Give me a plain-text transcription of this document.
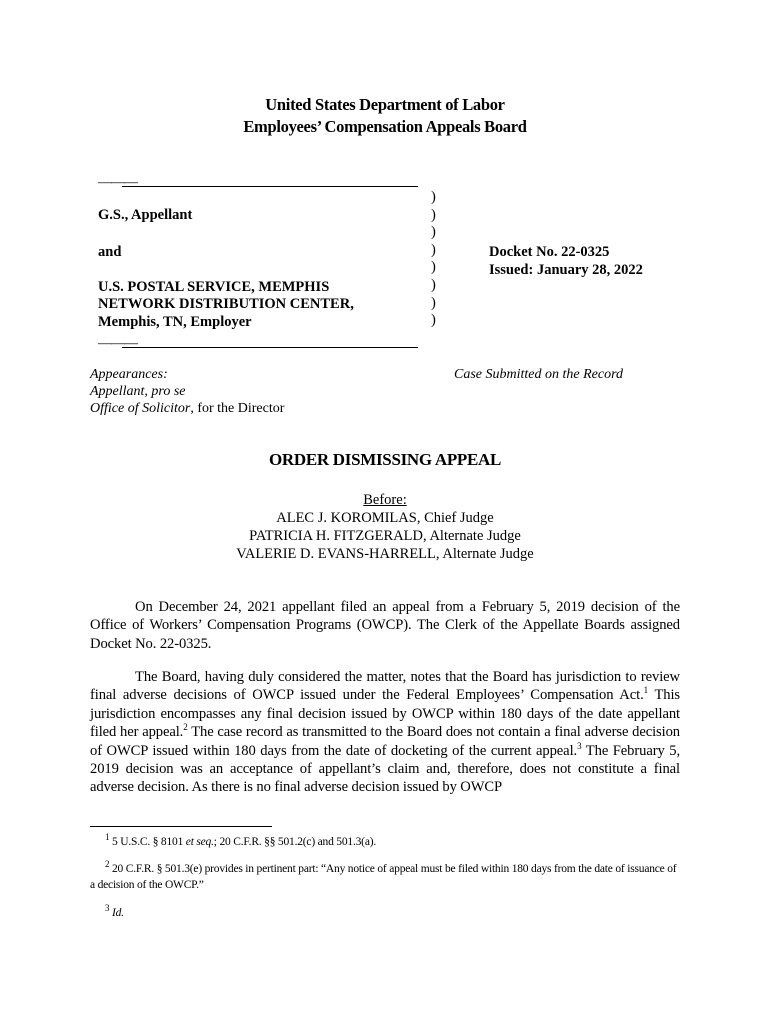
United States Department of Labor
Employees’ Compensation Appeals Board
———
G.S., Appellant
and
U.S. POSTAL SERVICE, MEMPHIS
NETWORK DISTRIBUTION CENTER,
Memphis, TN, Employer
———
)
)
)
)
)
)
)
)
Docket No. 22-0325
Issued: January 28, 2022
Appearances:
Appellant, pro se
Office of Solicitor, for the Director
Case Submitted on the Record
ORDER DISMISSING APPEAL
Before:
ALEC J. KOROMILAS, Chief Judge
PATRICIA H. FITZGERALD, Alternate Judge
VALERIE D. EVANS-HARRELL, Alternate Judge

On December 24, 2021 appellant filed an appeal from a February 5, 2019 decision of the Office of Workers’ Compensation Programs (OWCP). The Clerk of the Appellate Boards assigned Docket No. 22-0325.

The Board, having duly considered the matter, notes that the Board has jurisdiction to review final adverse decisions of OWCP issued under the Federal Employees’ Compensation Act.$^1$ This jurisdiction encompasses any final decision issued by OWCP within 180 days of the date appellant filed her appeal.$^2$ The case record as transmitted to the Board does not contain a final adverse decision of OWCP issued within 180 days from the date of docketing of the current appeal.$^3$ The February 5, 2019 decision was an acceptance of appellant’s claim and, therefore, does not constitute a final adverse decision. As there is no final adverse decision issued by OWCP

$^1$ 5 U.S.C. § 8101 et seq.; 20 C.F.R. §§ 501.2(c) and 501.3(a).
$^2$ 20 C.F.R. § 501.3(e) provides in pertinent part: “Any notice of appeal must be filed within 180 days from the date of issuance of a decision of the OWCP.”
$^3$ Id.
